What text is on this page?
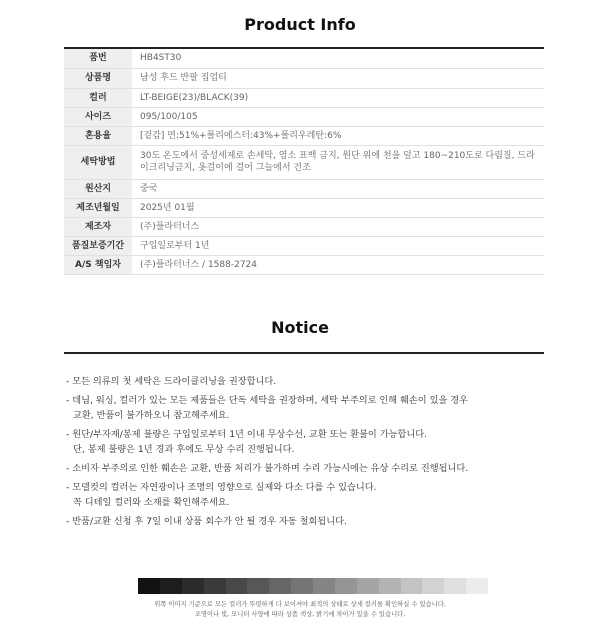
Product Info
품번	HB4ST30
상품명	남성 후드 반팔 집업티
컬러	LT-BEIGE(23)/BLACK(39)
사이즈	095/100/105
혼용율	[겉감] 면:51%+폴리에스터:43%+폴리우레탄:6%
세탁방법	30도 온도에서 중성세제로 손세탁, 염소 표백 금지, 원단 위에 천을 덮고 180~210도로 다림질, 드라이크리닝금지, 옷걸이에 걸어 그늘에서 건조
원산지	중국
제조년월일	2025년 01월
제조자	(주)플라터너스
품질보증기간	구입일로부터 1년
A/S 책임자	(주)플라터너스 / 1588-2724
Notice
- 모든 의류의 첫 세탁은 드라이클리닝을 권장합니다.
- 데님, 워싱, 컬러가 있는 모든 제품들은 단독 세탁을 권장하며, 세탁 부주의로 인해 훼손이 있을 경우
교환, 반품이 불가하오니 참고해주세요.
- 원단/부자재/봉제 불량은 구입일로부터 1년 이내 무상수선, 교환 또는 환불이 가능합니다.
단, 봉제 불량은 1년 경과 후에도 무상 수리 진행됩니다.
- 소비자 부주의로 인한 훼손은 교환, 반품 처리가 불가하며 수리 가능시에는 유상 수리로 진행됩니다.
- 모델컷의 컬러는 자연광이나 조명의 영향으로 실제와 다소 다를 수 있습니다.
꼭 디테일 컬러와 소재를 확인해주세요.
- 반품/교환 신청 후 7일 이내 상품 회수가 안 될 경우 자동 철회됩니다.
위쪽 이미지 기준으로 모든 컬러가 뚜렷하게 다 보이셔야 최적의 상태로 상세 컬러를 확인하실 수 있습니다.
조명이나 빛, 모니터 사양에 따라 상품 색상, 밝기에 차이가 있을 수 있습니다.
